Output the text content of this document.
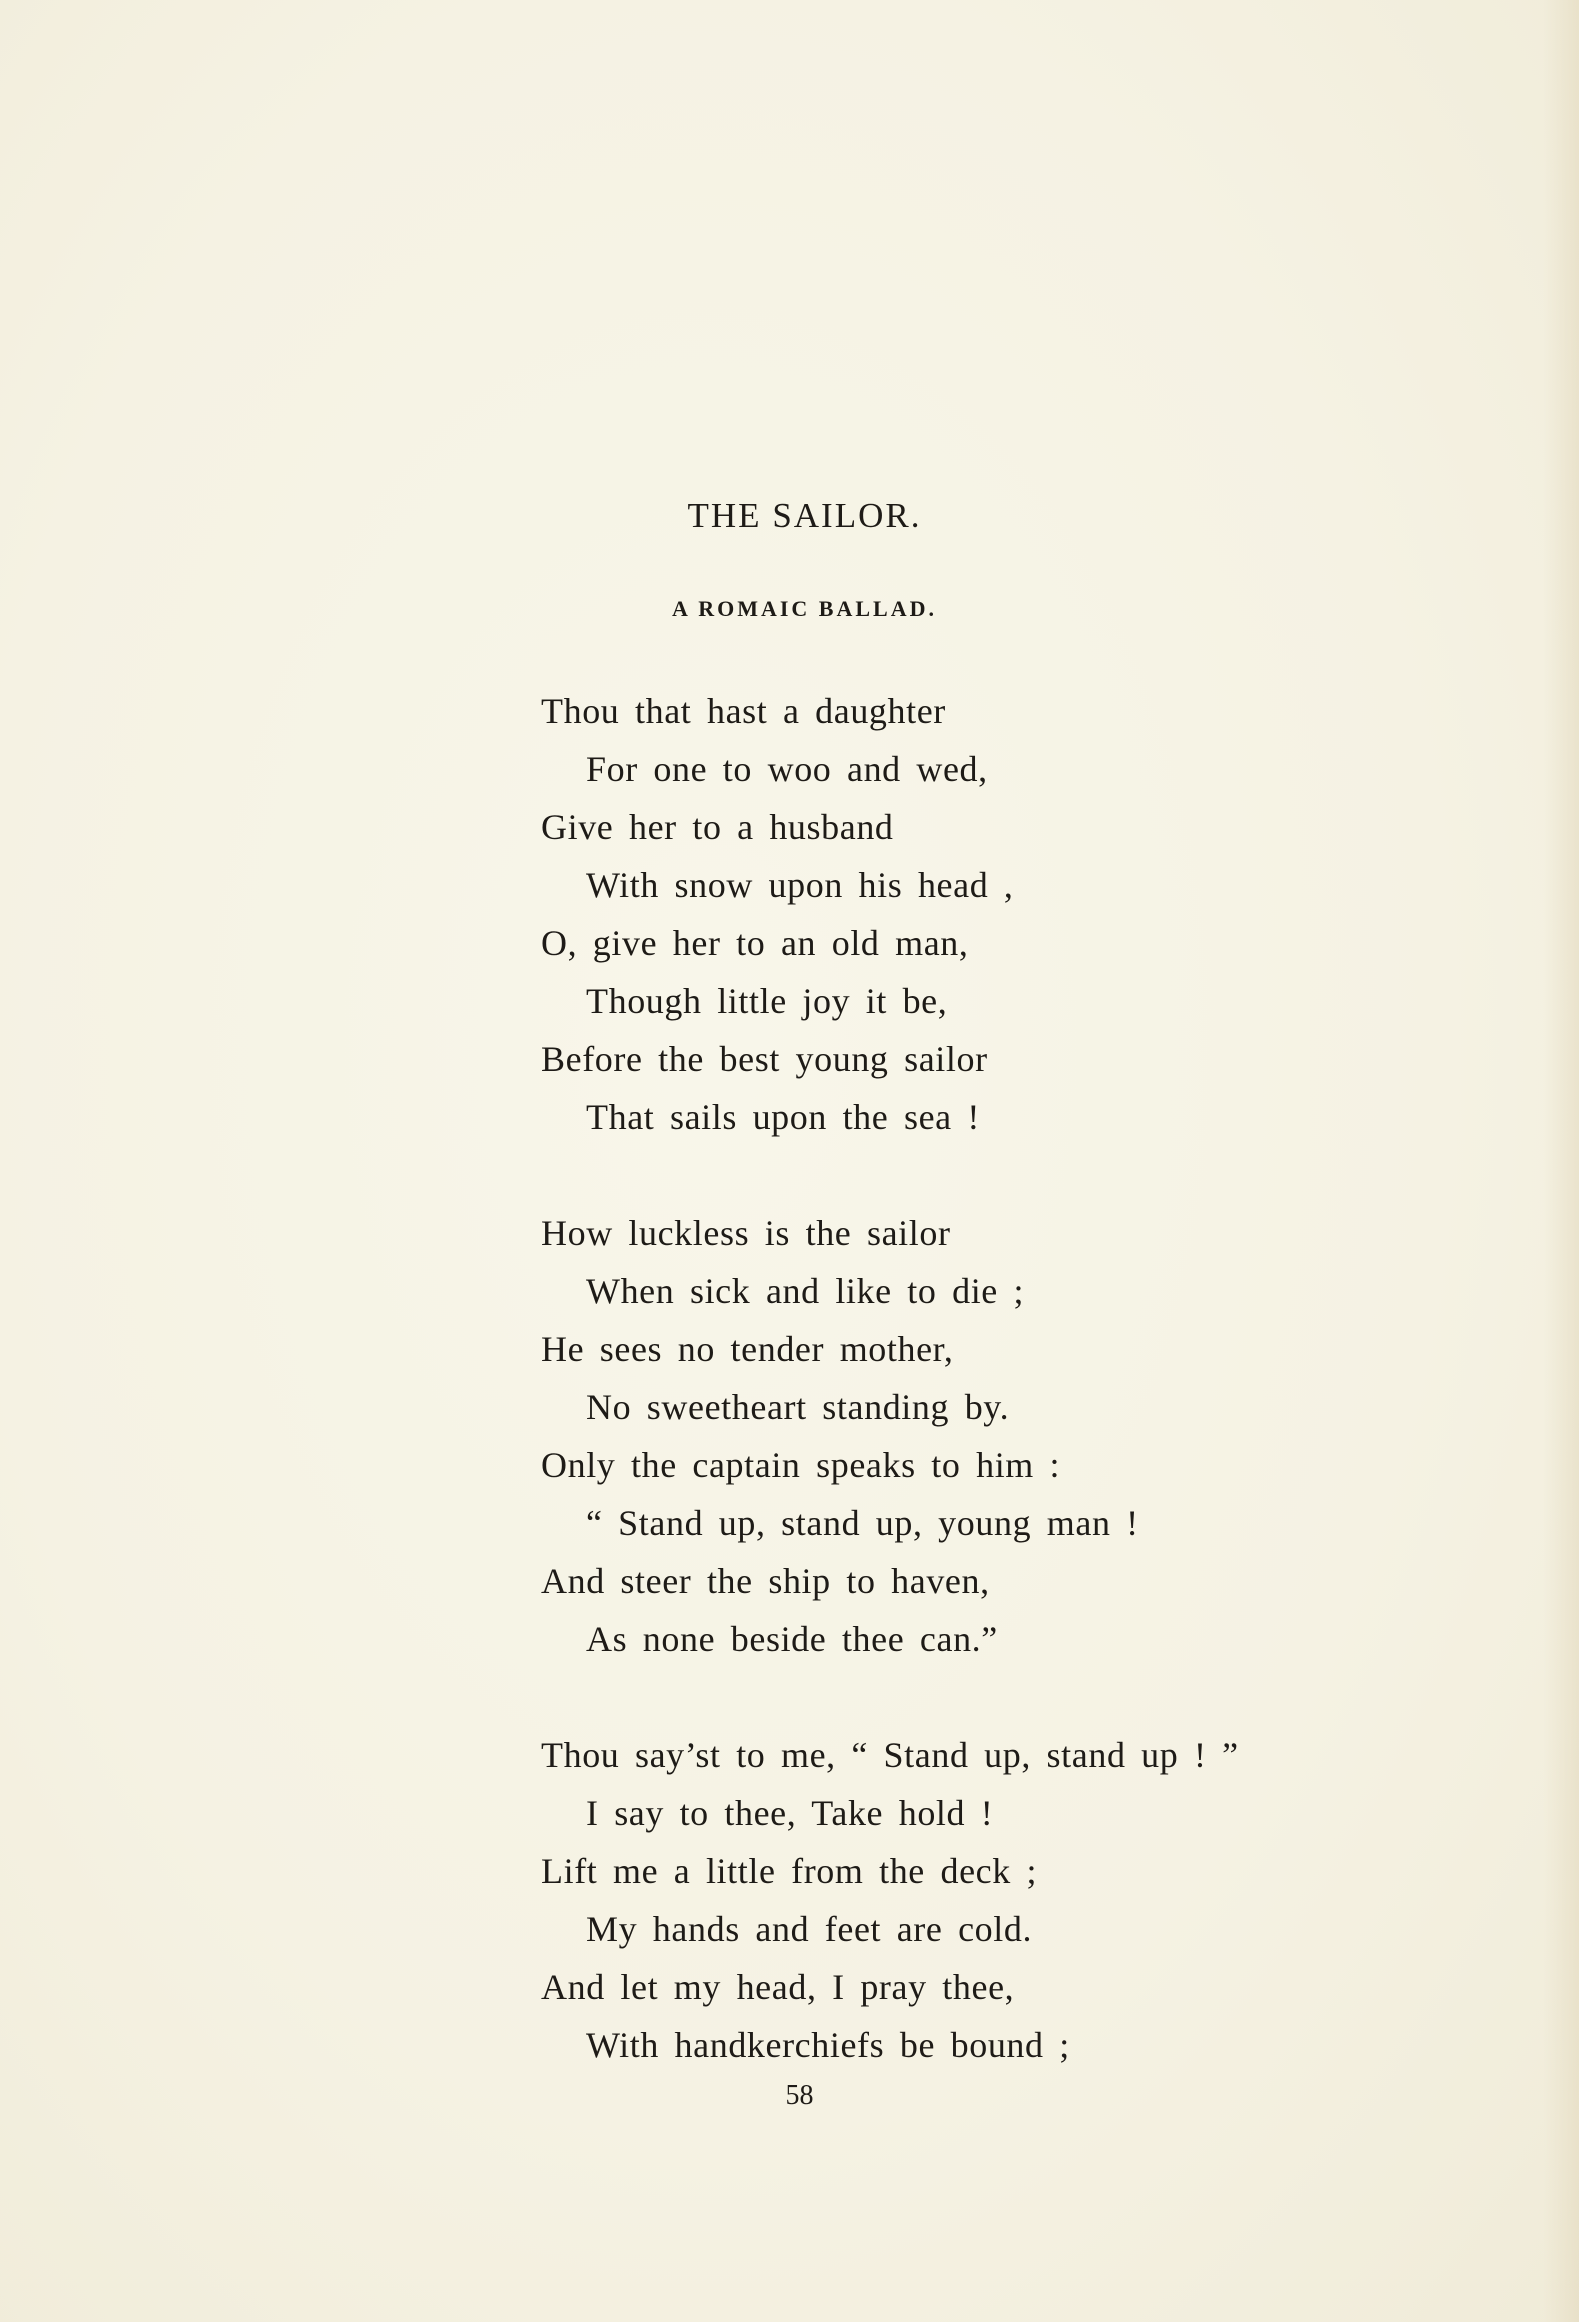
THE SAILOR.
A ROMAIC BALLAD.
Thou that hast a daughter
For one to woo and wed,
Give her to a husband
With snow upon his head ,
O, give her to an old man,
Though little joy it be,
Before the best young sailor
That sails upon the sea !
How luckless is the sailor
When sick and like to die ;
He sees no tender mother,
No sweetheart standing by.
Only the captain speaks to him :
“ Stand up, stand up, young man !
And steer the ship to haven,
As none beside thee can.”
Thou say’st to me, “ Stand up, stand up ! ”
I say to thee, Take hold !
Lift me a little from the deck ;
My hands and feet are cold.
And let my head, I pray thee,
With handkerchiefs be bound ;
58
